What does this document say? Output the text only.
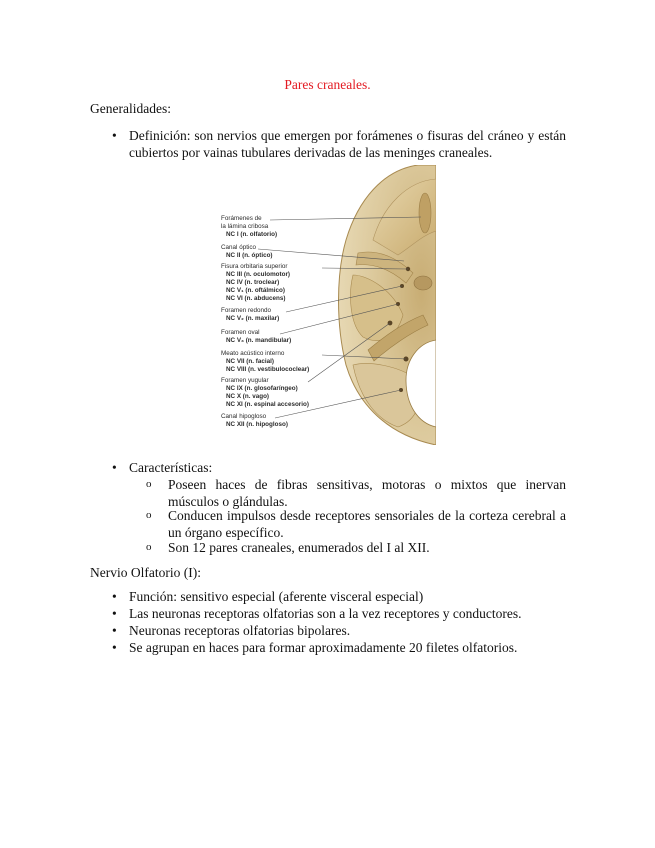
Pares craneales.
Generalidades:
• Definición: son nervios que emergen por forámenes o fisuras del cráneo y están cubiertos por vainas tubulares derivadas de las meninges craneales.
Forámenes de
la lámina cribosa
NC I (n. olfatorio)
Canal óptico
NC II (n. óptico)
Fisura orbitaria superior
NC III (n. oculomotor)
NC IV (n. troclear)
NC V₁ (n. oftálmico)
NC VI (n. abducens)
Foramen redondo
NC V₂ (n. maxilar)
Foramen oval
NC V₃ (n. mandibular)
Meato acústico interno
NC VII (n. facial)
NC VIII (n. vestibulococlear)
Foramen yugular
NC IX (n. glosofaríngeo)
NC X (n. vago)
NC XI (n. espinal accesorio)
Canal hipogloso
NC XII (n. hipogloso)
• Características:
o	Poseen haces de fibras sensitivas, motoras o mixtos que inervan músculos o glándulas.
o	Conducen impulsos desde receptores sensoriales de la corteza cerebral a un órgano específico.
o	Son 12 pares craneales, enumerados del I al XII.
Nervio Olfatorio (I):
• Función: sensitivo especial (aferente visceral especial)
• Las neuronas receptoras olfatorias son a la vez receptores y conductores.
• Neuronas receptoras olfatorias bipolares.
• Se agrupan en haces para formar aproximadamente 20 filetes olfatorios.
